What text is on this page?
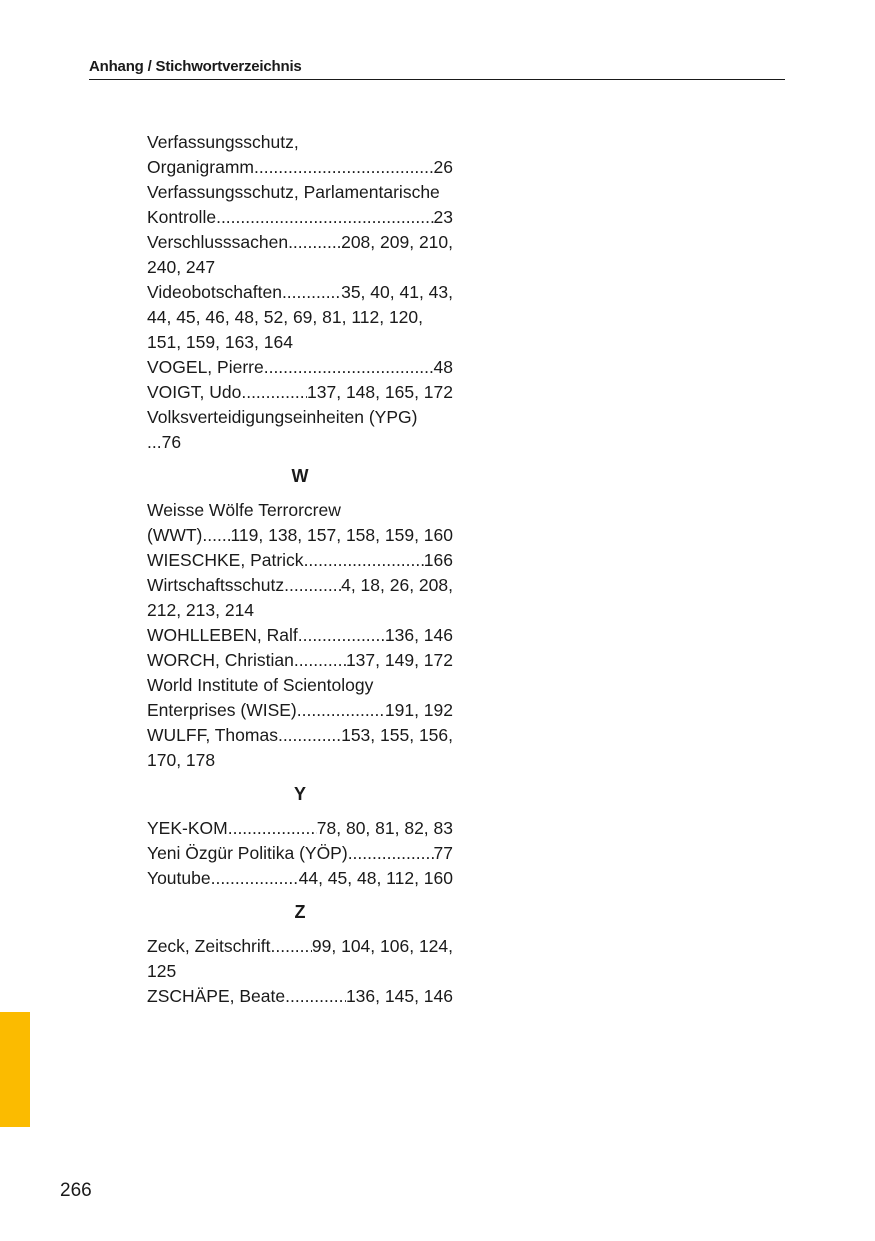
Anhang / Stichwortverzeichnis
Verfassungsschutz,
Organigramm .....	26
Verfassungsschutz, Parlamentarische
Kontrolle .....	23
Verschlusssachen .....	208, 209, 210,
240, 247
Videobotschaften .....	35, 40, 41, 43,
44, 45, 46, 48, 52, 69, 81, 112, 120,
151, 159, 163, 164
VOGEL, Pierre .....	48
VOIGT, Udo .....	137, 148, 165, 172
Volksverteidigungseinheiten (YPG)
...76
W
Weisse Wölfe Terrorcrew
(WWT) ..... 119, 138, 157, 158, 159, 160
WIESCHKE, Patrick .....	166
Wirtschaftsschutz .....	4, 18, 26, 208,
212, 213, 214
WOHLLEBEN, Ralf .....	136, 146
WORCH, Christian .....	137, 149, 172
World Institute of Scientology
Enterprises (WISE) .....	191, 192
WULFF, Thomas .....	153, 155, 156,
170, 178
Y
YEK-KOM .....	78, 80, 81, 82, 83
Yeni Özgür Politika (YÖP) .....	77
Youtube .....	44, 45, 48, 112, 160
Z
Zeck, Zeitschrift ..... 99, 104, 106, 124,
125
ZSCHÄPE, Beate .....	136, 145, 146
266
